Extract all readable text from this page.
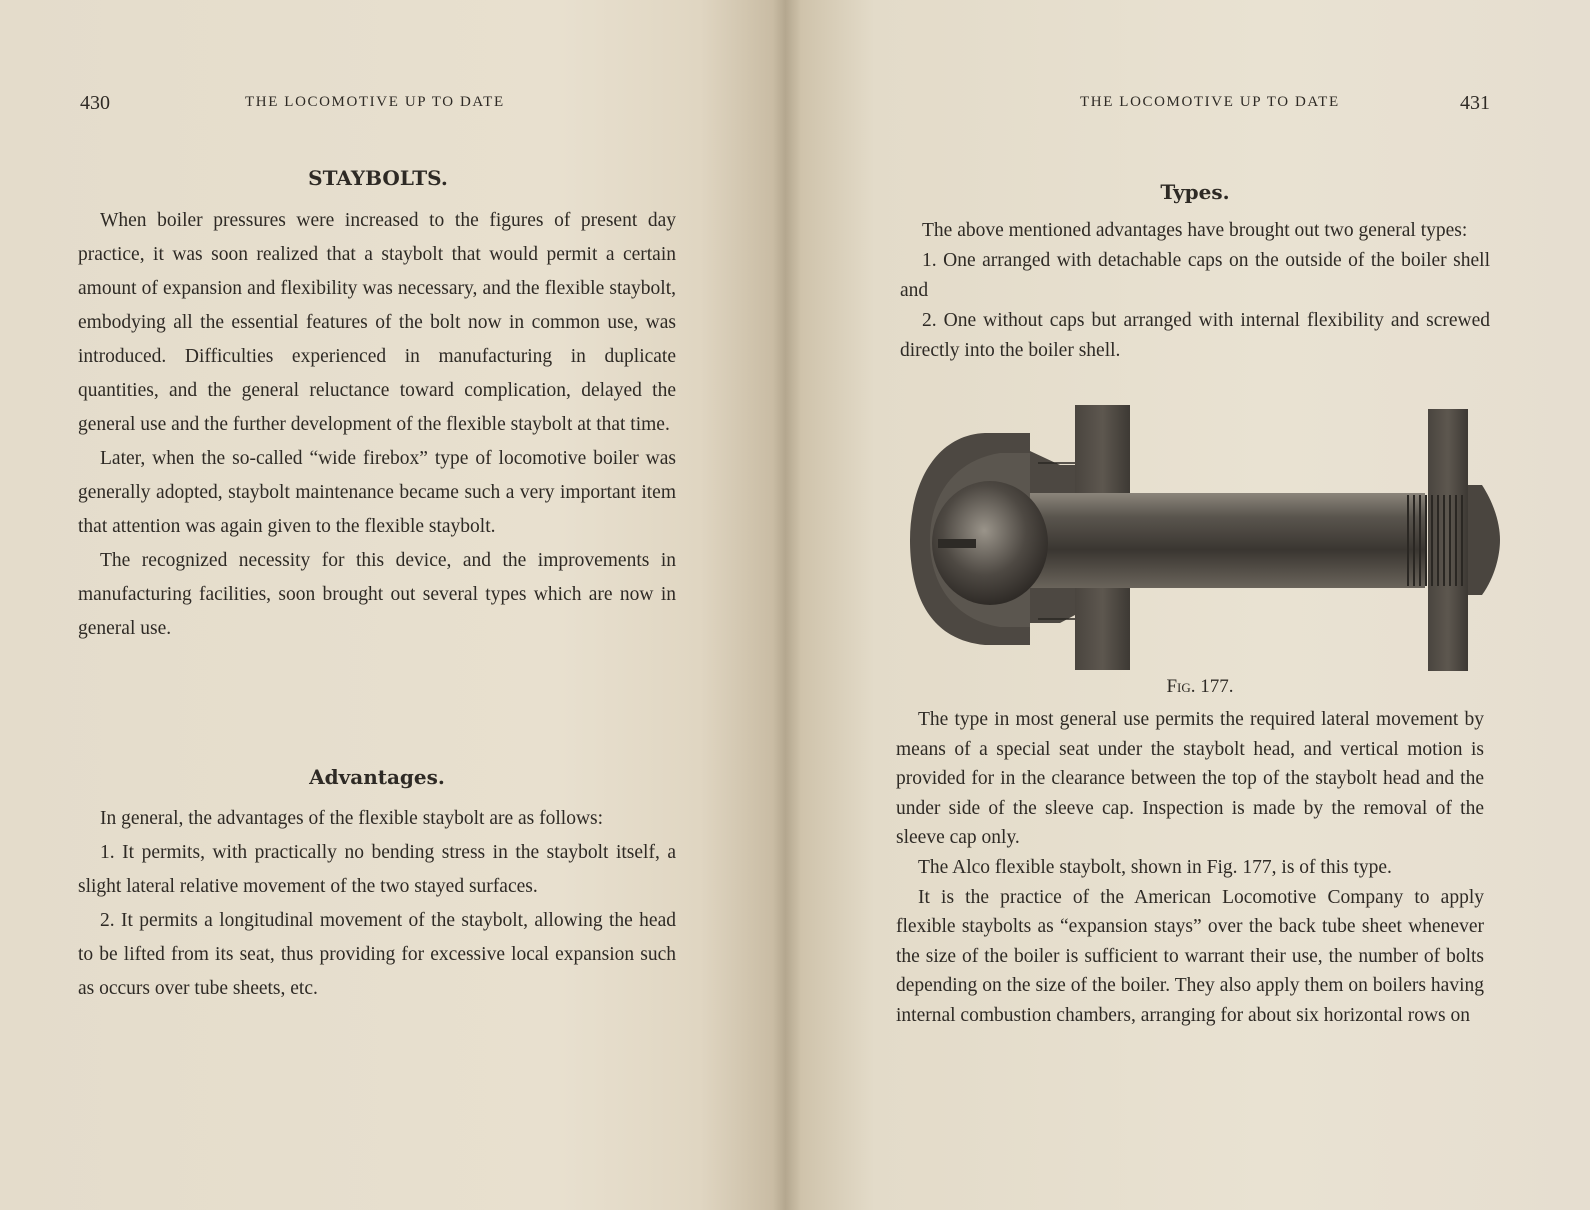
430	THE LOCOMOTIVE UP TO DATE
STAYBOLTS.

When boiler pressures were increased to the figures of present day practice, it was soon realized that a staybolt that would permit a certain amount of expansion and flexibility was necessary, and the flexible staybolt, embodying all the essential features of the bolt now in common use, was introduced. Difficulties experienced in manufacturing in duplicate quantities, and the general reluctance toward complication, delayed the general use and the further development of the flexible staybolt at that time.

Later, when the so-called “wide firebox” type of locomotive boiler was generally adopted, staybolt maintenance became such a very important item that attention was again given to the flexible staybolt.

The recognized necessity for this device, and the improvements in manufacturing facilities, soon brought out several types which are now in general use.

Advantages.

In general, the advantages of the flexible staybolt are as follows:

1. It permits, with practically no bending stress in the staybolt itself, a slight lateral relative movement of the two stayed surfaces.

2. It permits a longitudinal movement of the staybolt, allowing the head to be lifted from its seat, thus providing for excessive local expansion such as occurs over tube sheets, etc.

THE LOCOMOTIVE UP TO DATE	431
Types.

The above mentioned advantages have brought out two general types:

1. One arranged with detachable caps on the outside of the boiler shell and

2. One without caps but arranged with internal flexibility and screwed directly into the boiler shell.

Fig. 177.

The type in most general use permits the required lateral movement by means of a special seat under the staybolt head, and vertical motion is provided for in the clearance between the top of the staybolt head and the under side of the sleeve cap. Inspection is made by the removal of the sleeve cap only.

The Alco flexible staybolt, shown in Fig. 177, is of this type.

It is the practice of the American Locomotive Company to apply flexible staybolts as “expansion stays” over the back tube sheet whenever the size of the boiler is sufficient to warrant their use, the number of bolts depending on the size of the boiler. They also apply them on boilers having internal combustion chambers, arranging for about six horizontal rows on
